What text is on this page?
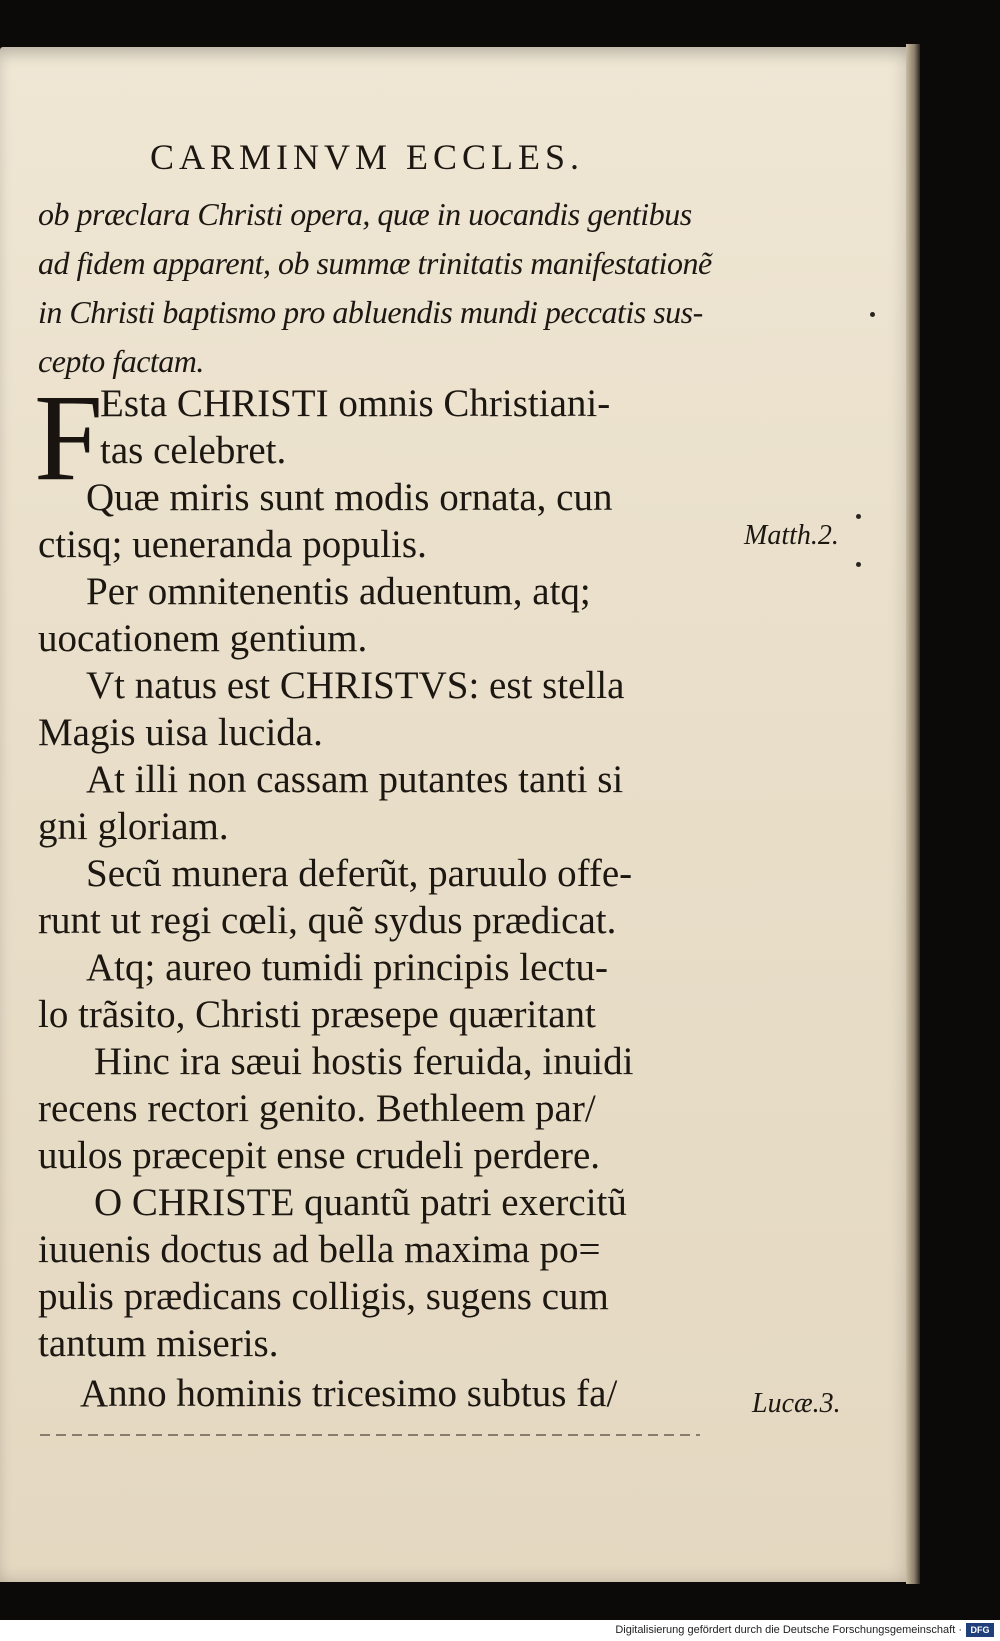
CARMINVM ECCLES.
ob præclara Christi opera, quæ in uocandis gentibus
ad fidem apparent, ob summæ trinitatis manifestationẽ
in Christi baptismo pro abluendis mundi peccatis sus-
cepto factam.
F
Esta CHRISTI omnis Christiani-
tas celebret.
Quæ miris sunt modis ornata, cun
ctisq; ueneranda populis.
Per omnitenentis aduentum, atq;
uocationem gentium.
Vt natus est CHRISTVS: est stella
Magis uisa lucida.
At illi non cassam putantes tanti si
gni gloriam.
Secũ munera deferũt, paruulo offe-
runt ut regi cœli, quẽ sydus prædicat.
Atq; aureo tumidi principis lectu-
lo trãsito, Christi præsepe quæritant
Hinc ira sæui hostis feruida, inuidi
recens rectori genito. Bethleem par/
uulos præcepit ense crudeli perdere.
O CHRISTE quantũ patri exercitũ
iuuenis doctus ad bella maxima po=
pulis prædicans colligis, sugens cum
tantum miseris.
Anno hominis tricesimo subtus fa/
Matth.2.
Lucæ.3.
Digitalisierung gefördert durch die Deutsche Forschungsgemeinschaft · DFG
